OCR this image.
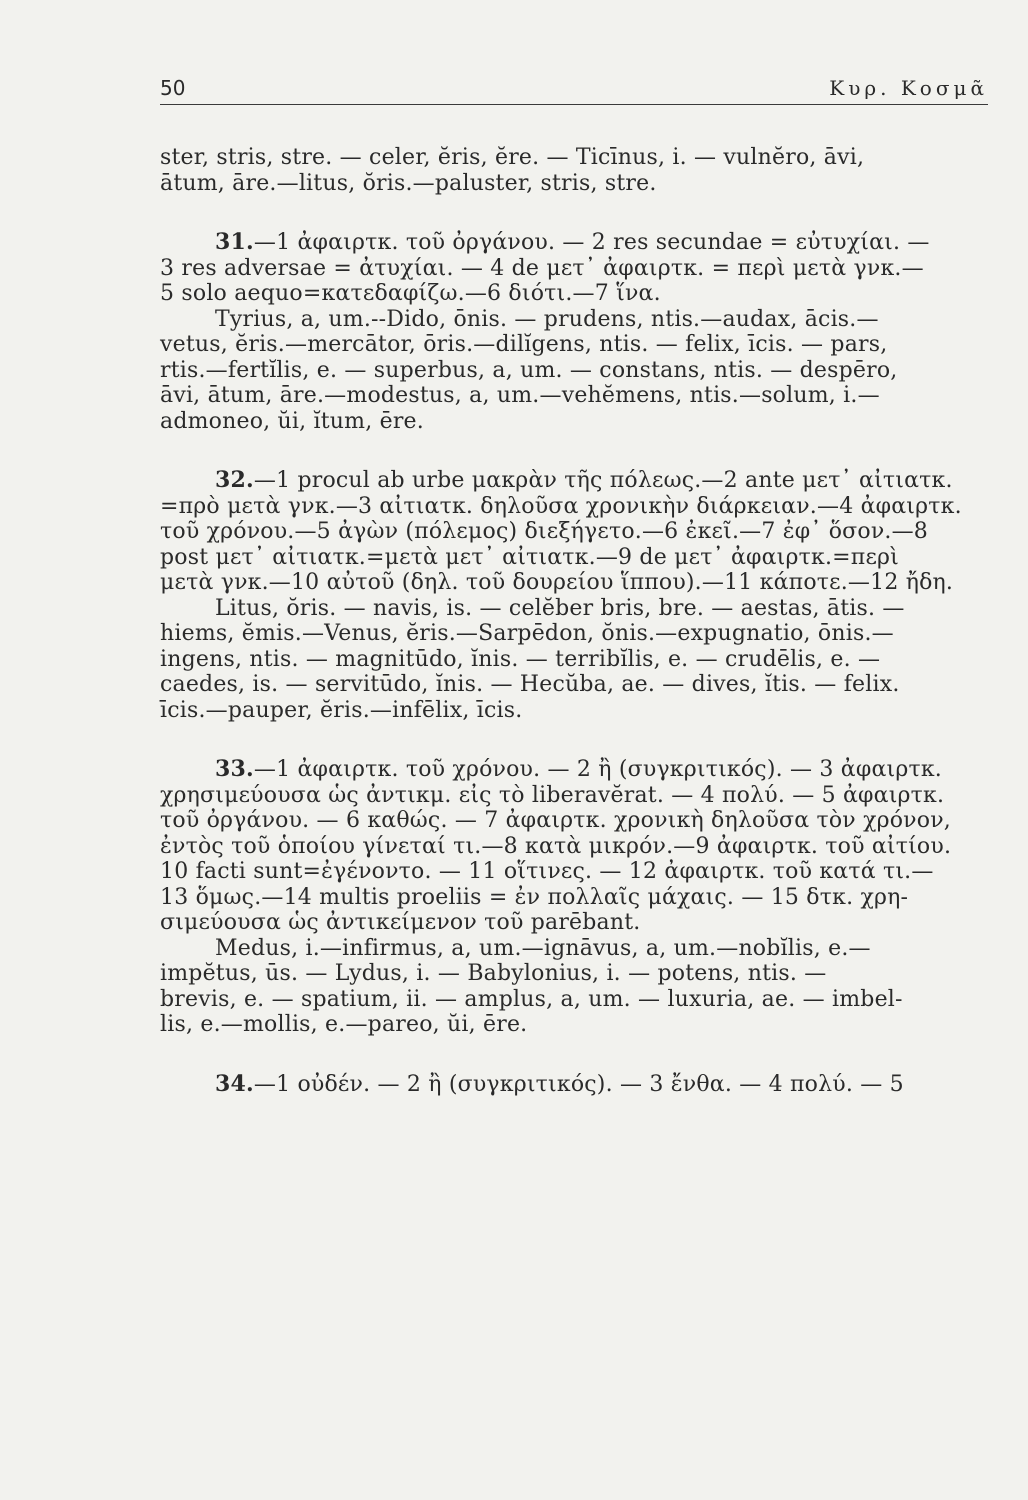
50	Κυρ. Κοσμᾶ
ster, stris, stre. — celer, ĕris, ĕre. — Ticīnus, i. — vulnĕro, āvi,
ātum, āre.—litus, ŏris.—paluster, stris, stre.
31.—1 ἀφαιρτκ. τοῦ ὀργάνου. — 2 res secundae = εὐτυχίαι. —
3 res adversae = ἀτυχίαι. — 4 de μετ᾽ ἀφαιρτκ. = περὶ μετὰ γνκ.—
5 solo aequo=κατεδαφίζω.—6 διότι.—7 ἵνα.
Tyrius, a, um.--Dido, ōnis. — prudens, ntis.—audax, ācis.—
vetus, ĕris.—mercātor, ōris.—dilĭgens, ntis. — felix, īcis. — pars,
rtis.—fertĭlis, e. — superbus, a, um. — constans, ntis. — despēro,
āvi, ātum, āre.—modestus, a, um.—vehĕmens, ntis.—solum, i.—
admoneo, ŭi, ĭtum, ēre.
32.—1 procul ab urbe μακρὰν τῆς πόλεως.—2 ante μετ᾽ αἰτιατκ.
=πρὸ μετὰ γνκ.—3 αἰτιατκ. δηλοῦσα χρονικὴν διάρκειαν.—4 ἀφαιρτκ.
τοῦ χρόνου.—5 ἀγὼν (πόλεμος) διεξήγετο.—6 ἐκεῖ.—7 ἐφ᾽ ὅσον.—8
post μετ᾽ αἰτιατκ.=μετὰ μετ᾽ αἰτιατκ.—9 de μετ᾽ ἀφαιρτκ.=περὶ
μετὰ γνκ.—10 αὐτοῦ (δηλ. τοῦ δουρείου ἵππου).—11 κάποτε.—12 ἤδη.
Litus, ŏris. — navis, is. — celĕber bris, bre. — aestas, ātis. —
hiems, ĕmis.—Venus, ĕris.—Sarpēdon, ŏnis.—expugnatio, ōnis.—
ingens, ntis. — magnitūdo, ĭnis. — terribĭlis, e. — crudēlis, e. —
caedes, is. — servitūdo, ĭnis. — Hecŭba, ae. — dives, ĭtis. — felix.
īcis.—pauper, ĕris.—infēlix, īcis.
33.—1 ἀφαιρτκ. τοῦ χρόνου. — 2 ἢ (συγκριτικός). — 3 ἀφαιρτκ.
χρησιμεύουσα ὡς ἀντικμ. εἰς τὸ liberavĕrat. — 4 πολύ. — 5 ἀφαιρτκ.
τοῦ ὀργάνου. — 6 καθώς. — 7 ἀφαιρτκ. χρονικὴ δηλοῦσα τὸν χρόνον,
ἐντὸς τοῦ ὁποίου γίνεταί τι.—8 κατὰ μικρόν.—9 ἀφαιρτκ. τοῦ αἰτίου.
10 facti sunt=ἐγένοντο. — 11 οἵτινες. — 12 ἀφαιρτκ. τοῦ κατά τι.—
13 ὅμως.—14 multis proeliis = ἐν πολλαῖς μάχαις. — 15 δτκ. χρη-
σιμεύουσα ὡς ἀντικείμενον τοῦ parēbant.
Medus, i.—infirmus, a, um.—ignāvus, a, um.—nobĭlis, e.—
impĕtus, ūs. — Lydus, i. — Babylonius, i. — potens, ntis. —
brevis, e. — spatium, ii. — amplus, a, um. — luxuria, ae. — imbel-
lis, e.—mollis, e.—pareo, ŭi, ēre.
34.—1 οὐδέν. — 2 ἢ (συγκριτικός). — 3 ἔνθα. — 4 πολύ. — 5
